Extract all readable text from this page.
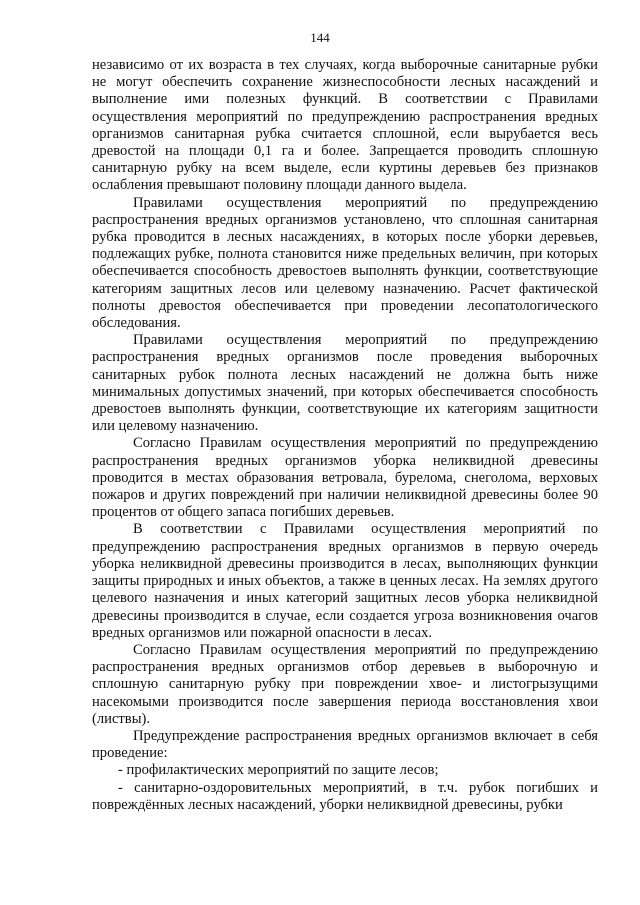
144

независимо от их возраста в тех случаях, когда выборочные санитарные рубки не могут обеспечить сохранение жизнеспособности лесных насаждений и выполнение ими полезных функций. В соответствии с Правилами осуществления мероприятий по предупреждению распространения вредных организмов санитарная рубка считается сплошной, если вырубается весь древостой на площади 0,1 га и более. Запрещается проводить сплошную санитарную рубку на всем выделе, если куртины деревьев без признаков ослабления превышают половину площади данного выдела.

Правилами осуществления мероприятий по предупреждению распространения вредных организмов установлено, что сплошная санитарная рубка проводится в лесных насаждениях, в которых после уборки деревьев, подлежащих рубке, полнота становится ниже предельных величин, при которых обеспечивается способность древостоев выполнять функции, соответствующие категориям защитных лесов или целевому назначению. Расчет фактической полноты древостоя обеспечивается при проведении лесопатологического обследования.

Правилами осуществления мероприятий по предупреждению распространения вредных организмов после проведения выборочных санитарных рубок полнота лесных насаждений не должна быть ниже минимальных допустимых значений, при которых обеспечивается способность древостоев выполнять функции, соответствующие их категориям защитности или целевому назначению.

Согласно Правилам осуществления мероприятий по предупреждению распространения вредных организмов уборка неликвидной древесины проводится в местах образования ветровала, бурелома, снеголома, верховых пожаров и других повреждений при наличии неликвидной древесины более 90 процентов от общего запаса погибших деревьев.

В соответствии с Правилами осуществления мероприятий по предупреждению распространения вредных организмов в первую очередь уборка неликвидной древесины производится в лесах, выполняющих функции защиты природных и иных объектов, а также в ценных лесах. На землях другого целевого назначения и иных категорий защитных лесов уборка неликвидной древесины производится в случае, если создается угроза возникновения очагов вредных организмов или пожарной опасности в лесах.

Согласно Правилам осуществления мероприятий по предупреждению распространения вредных организмов отбор деревьев в выборочную и сплошную санитарную рубку при повреждении хвое- и листогрызущими насекомыми производится после завершения периода восстановления хвои (листвы).

Предупреждение распространения вредных организмов включает в себя проведение:

- профилактических мероприятий по защите лесов;

- санитарно-оздоровительных мероприятий, в т.ч. рубок погибших и повреждённых лесных насаждений, уборки неликвидной древесины, рубки
